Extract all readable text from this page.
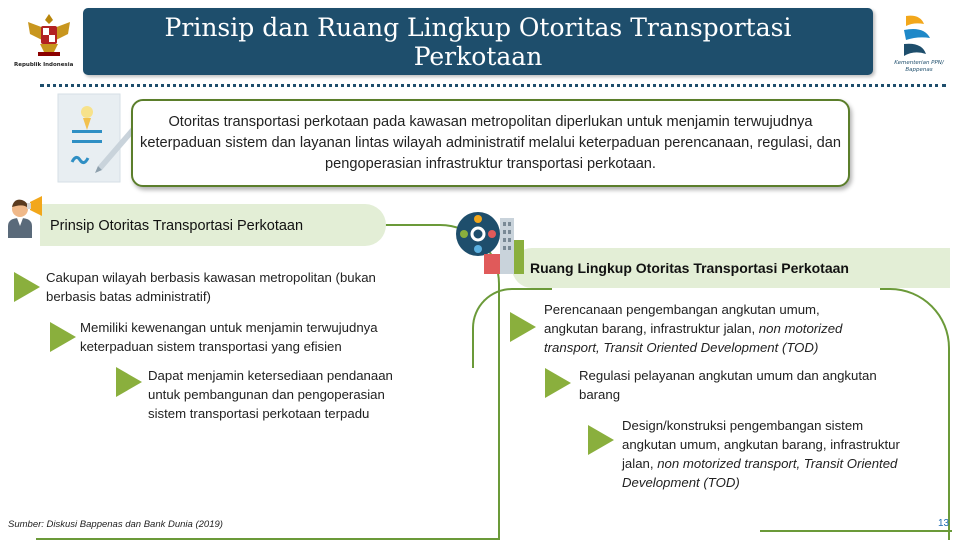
Republik Indonesia
Prinsip dan Ruang Lingkup Otoritas Transportasi Perkotaan	Kementerian PPN/
Bappenas

Otoritas transportasi perkotaan pada kawasan metropolitan diperlukan untuk menjamin terwujudnya keterpaduan sistem dan layanan lintas wilayah administratif melalui keterpaduan perencanaan, regulasi, dan pengoperasian infrastruktur transportasi perkotaan.

Prinsip Otoritas Transportasi Perkotaan
Cakupan wilayah berbasis kawasan metropolitan (bukan
berbasis batas administratif)
Memiliki kewenangan untuk menjamin terwujudnya
keterpaduan sistem transportasi yang efisien
Dapat menjamin ketersediaan pendanaan
untuk pembangunan dan pengoperasian
sistem transportasi perkotaan terpadu
Ruang Lingkup Otoritas Transportasi Perkotaan
Perencanaan pengembangan angkutan umum,
angkutan barang, infrastruktur jalan, non motorized
transport, Transit Oriented Development (TOD)
Regulasi pelayanan angkutan umum dan angkutan
barang
Design/konstruksi pengembangan sistem
angkutan umum, angkutan barang, infrastruktur
jalan, non motorized transport, Transit Oriented
Development (TOD)
Sumber: Diskusi Bappenas dan Bank Dunia (2019)	13
